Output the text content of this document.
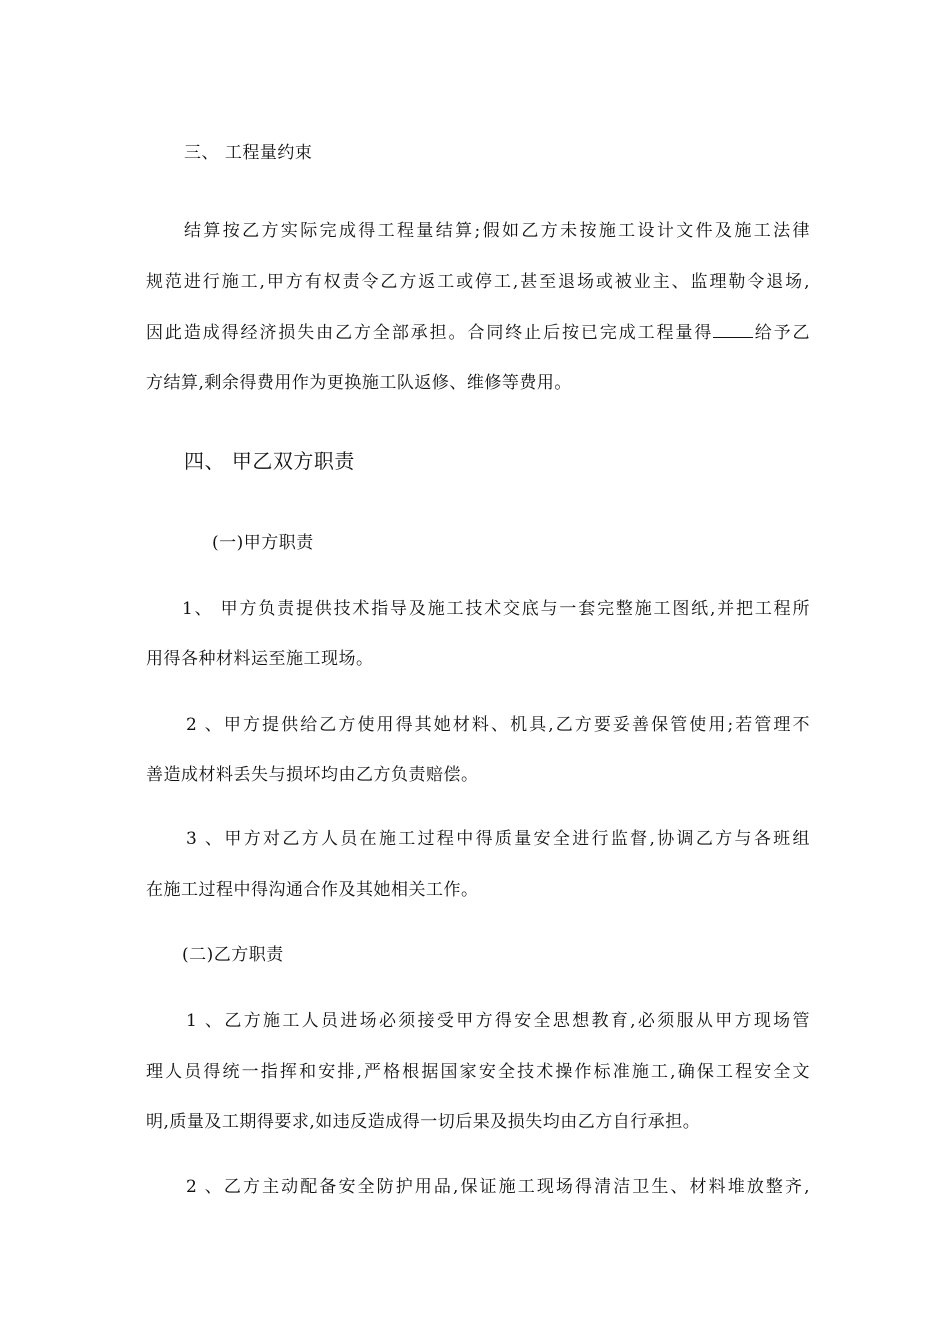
三、 工程量约束
结算按乙方实际完成得工程量结算;假如乙方未按施工设计文件及施工法律
规范进行施工,甲方有权责令乙方返工或停工,甚至退场或被业主、监理勒令退场,
因此造成得经济损失由乙方全部承担。合同终止后按已完成工程量得 给予乙
方结算,剩余得费用作为更换施工队返修、维修等费用。
四、 甲乙双方职责
(一)甲方职责
1、 甲方负责提供技术指导及施工技术交底与一套完整施工图纸,并把工程所
用得各种材料运至施工现场。
2 、甲方提供给乙方使用得其她材料、机具,乙方要妥善保管使用;若管理不
善造成材料丢失与损坏均由乙方负责赔偿。
3 、甲方对乙方人员在施工过程中得质量安全进行监督,协调乙方与各班组
在施工过程中得沟通合作及其她相关工作。
(二)乙方职责
1 、乙方施工人员进场必须接受甲方得安全思想教育,必须服从甲方现场管
理人员得统一指挥和安排,严格根据国家安全技术操作标准施工,确保工程安全文
明,质量及工期得要求,如违反造成得一切后果及损失均由乙方自行承担。
2 、乙方主动配备安全防护用品,保证施工现场得清洁卫生、材料堆放整齐,
